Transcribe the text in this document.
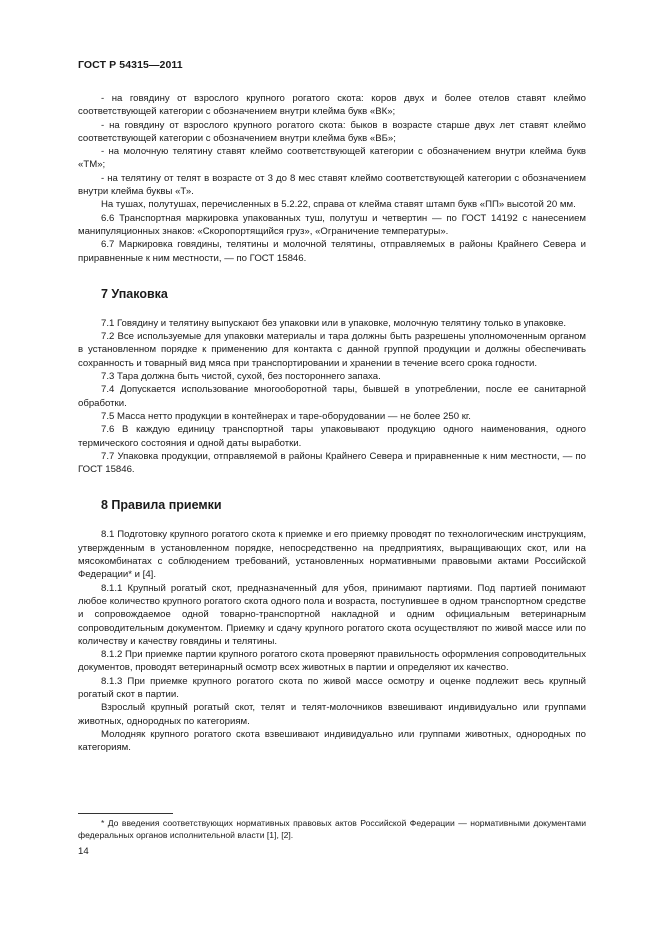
ГОСТ Р 54315—2011

- на говядину от взрослого крупного рогатого скота: коров двух и более отелов ставят клеймо соответствующей категории с обозначением внутри клейма букв «ВК»;

- на говядину от взрослого крупного рогатого скота: быков в возрасте старше двух лет ставят клеймо соответствующей категории с обозначением внутри клейма букв «ВБ»;

- на молочную телятину ставят клеймо соответствующей категории с обозначением внутри клейма букв «ТМ»;

- на телятину от телят в возрасте от 3 до 8 мес ставят клеймо соответствующей категории с обозначением внутри клейма буквы «Т».

На тушах, полутушах, перечисленных в 5.2.22, справа от клейма ставят штамп букв «ПП» высотой 20 мм.

6.6 Транспортная маркировка упакованных туш, полутуш и четвертин — по ГОСТ 14192 с нанесением манипуляционных знаков: «Скоропортящийся груз», «Ограничение температуры».

6.7 Маркировка говядины, телятины и молочной телятины, отправляемых в районы Крайнего Севера и приравненные к ним местности, — по ГОСТ 15846.

7 Упаковка

7.1 Говядину и телятину выпускают без упаковки или в упаковке, молочную телятину только в упаковке.

7.2 Все используемые для упаковки материалы и тара должны быть разрешены уполномоченным органом в установленном порядке к применению для контакта с данной группой продукции и должны обеспечивать сохранность и товарный вид мяса при транспортировании и хранении в течение всего срока годности.

7.3 Тара должна быть чистой, сухой, без постороннего запаха.

7.4 Допускается использование многооборотной тары, бывшей в употреблении, после ее санитарной обработки.

7.5 Масса нетто продукции в контейнерах и таре-оборудовании — не более 250 кг.

7.6 В каждую единицу транспортной тары упаковывают продукцию одного наименования, одного термического состояния и одной даты выработки.

7.7 Упаковка продукции, отправляемой в районы Крайнего Севера и приравненные к ним местности, — по ГОСТ 15846.

8 Правила приемки

8.1 Подготовку крупного рогатого скота к приемке и его приемку проводят по технологическим инструкциям, утвержденным в установленном порядке, непосредственно на предприятиях, выращивающих скот, или на мясокомбинатах с соблюдением требований, установленных нормативными правовыми актами Российской Федерации* и [4].

8.1.1 Крупный рогатый скот, предназначенный для убоя, принимают партиями. Под партией понимают любое количество крупного рогатого скота одного пола и возраста, поступившее в одном транспортном средстве и сопровождаемое одной товарно-транспортной накладной и одним официальным ветеринарным сопроводительным документом. Приемку и сдачу крупного рогатого скота осуществляют по живой массе или по количеству и качеству говядины и телятины.

8.1.2 При приемке партии крупного рогатого скота проверяют правильность оформления сопроводительных документов, проводят ветеринарный осмотр всех животных в партии и определяют их качество.

8.1.3 При приемке крупного рогатого скота по живой массе осмотру и оценке подлежит весь крупный рогатый скот в партии.

Взрослый крупный рогатый скот, телят и телят-молочников взвешивают индивидуально или группами животных, однородных по категориям.

Молодняк крупного рогатого скота взвешивают индивидуально или группами животных, однородных по категориям.

* До введения соответствующих нормативных правовых актов Российской Федерации — нормативными документами федеральных органов исполнительной власти [1], [2].

14
